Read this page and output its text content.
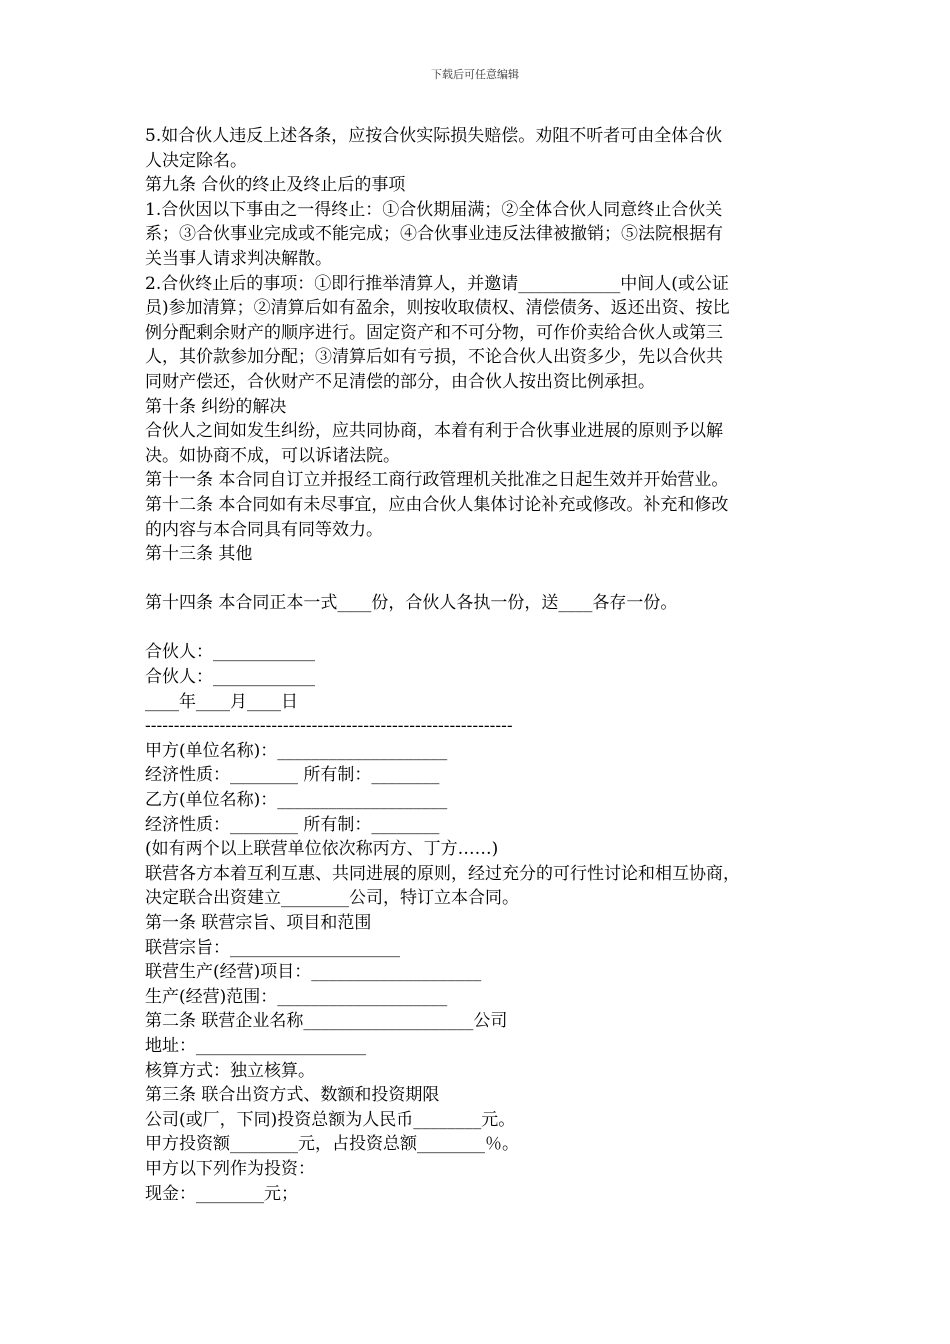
下载后可任意编辑
5.如合伙人违反上述各条，应按合伙实际损失赔偿。劝阻不听者可由全体合伙
人决定除名。
第九条 合伙的终止及终止后的事项
1.合伙因以下事由之一得终止：①合伙期届满；②全体合伙人同意终止合伙关
系；③合伙事业完成或不能完成；④合伙事业违反法律被撤销；⑤法院根据有
关当事人请求判决解散。
2.合伙终止后的事项：①即行推举清算人，并邀请____________中间人(或公证
员)参加清算；②清算后如有盈余，则按收取债权、清偿债务、返还出资、按比
例分配剩余财产的顺序进行。固定资产和不可分物，可作价卖给合伙人或第三
人，其价款参加分配；③清算后如有亏损，不论合伙人出资多少，先以合伙共
同财产偿还，合伙财产不足清偿的部分，由合伙人按出资比例承担。
第十条 纠纷的解决
合伙人之间如发生纠纷，应共同协商，本着有利于合伙事业进展的原则予以解
决。如协商不成，可以诉诸法院。
第十一条 本合同自订立并报经工商行政管理机关批准之日起生效并开始营业。
第十二条 本合同如有未尽事宜，应由合伙人集体讨论补充或修改。补充和修改
的内容与本合同具有同等效力。
第十三条 其他
第十四条 本合同正本一式____份，合伙人各执一份，送____各存一份。
合伙人：____________
合伙人：____________
____年____月____日
----------------------------------------------------------------
甲方(单位名称)：____________________
经济性质：________ 所有制：________
乙方(单位名称)：____________________
经济性质：________ 所有制：________
(如有两个以上联营单位依次称丙方、丁方……)
联营各方本着互利互惠、共同进展的原则，经过充分的可行性讨论和相互协商，
决定联合出资建立________公司，特订立本合同。
第一条 联营宗旨、项目和范围
联营宗旨：____________________
联营生产(经营)项目：____________________
生产(经营)范围：____________________
第二条 联营企业名称____________________公司
地址：____________________
核算方式：独立核算。
第三条 联合出资方式、数额和投资期限
公司(或厂，下同)投资总额为人民币________元。
甲方投资额________元，占投资总额________％。
甲方以下列作为投资：
现金：________元；
